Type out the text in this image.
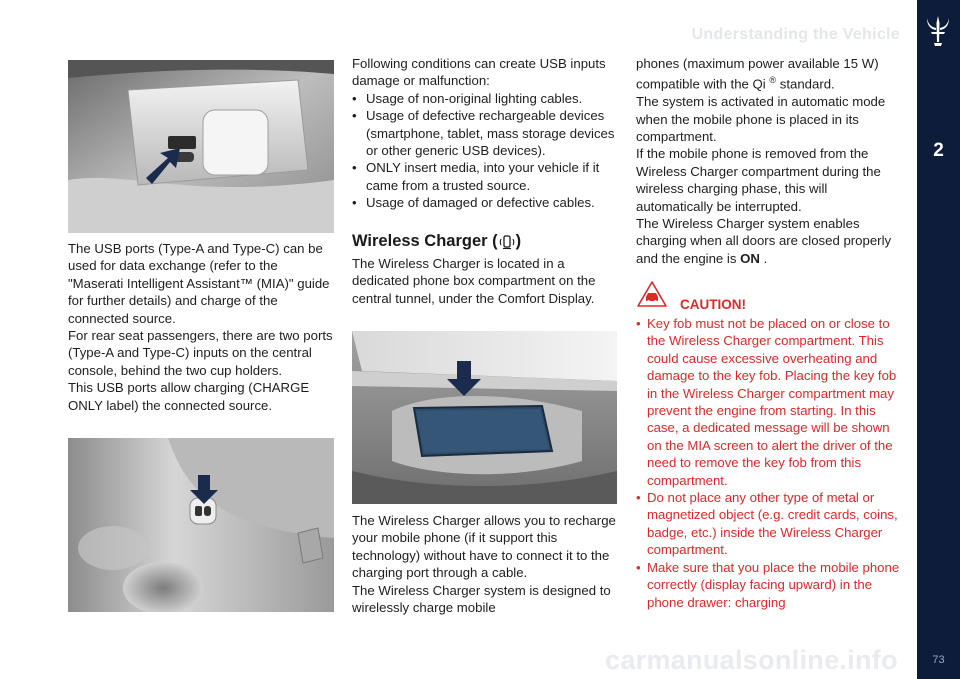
2
73
Understanding the Vehicle

The USB ports (Type-A and Type-C) can be used for data exchange (refer to the "Maserati Intelligent Assistant™ (MIA)" guide for further details) and charge of the connected source.

For rear seat passengers, there are two ports (Type-A and Type-C) inputs on the central console, behind the two cup holders.

This USB ports allow charging (CHARGE ONLY label) the connected source.

Following conditions can create USB inputs damage or malfunction:

• Usage of non-original lighting cables.
• Usage of defective rechargeable devices (smartphone, tablet, mass storage devices or other generic USB devices).
• ONLY insert media, into your vehicle if it came from a trusted source.
• Usage of damaged or defective cables.
Wireless Charger ( )
The Wireless Charger is located in a dedicated phone box compartment on the central tunnel, under the Comfort Display.

The Wireless Charger allows you to recharge your mobile phone (if it support this technology) without have to connect it to the charging port through a cable.

The Wireless Charger system is designed to wirelessly charge mobile

phones (maximum power available 15 W) compatible with the Qi ® standard.

The system is activated in automatic mode when the mobile phone is placed in its compartment.

If the mobile phone is removed from the Wireless Charger compartment during the wireless charging phase, this will automatically be interrupted.

The Wireless Charger system enables charging when all doors are closed properly and the engine is ON .

CAUTION!
• Key fob must not be placed on or close to the Wireless Charger compartment. This could cause excessive overheating and damage to the key fob. Placing the key fob in the Wireless Charger compartment may prevent the engine from starting. In this case, a dedicated message will be shown on the MIA screen to alert the driver of the need to remove the key fob from this compartment.
• Do not place any other type of metal or magnetized object (e.g. credit cards, coins, badge, etc.) inside the Wireless Charger compartment.
• Make sure that you place the mobile phone correctly (display facing upward) in the phone drawer: charging
carmanualsonline.info
